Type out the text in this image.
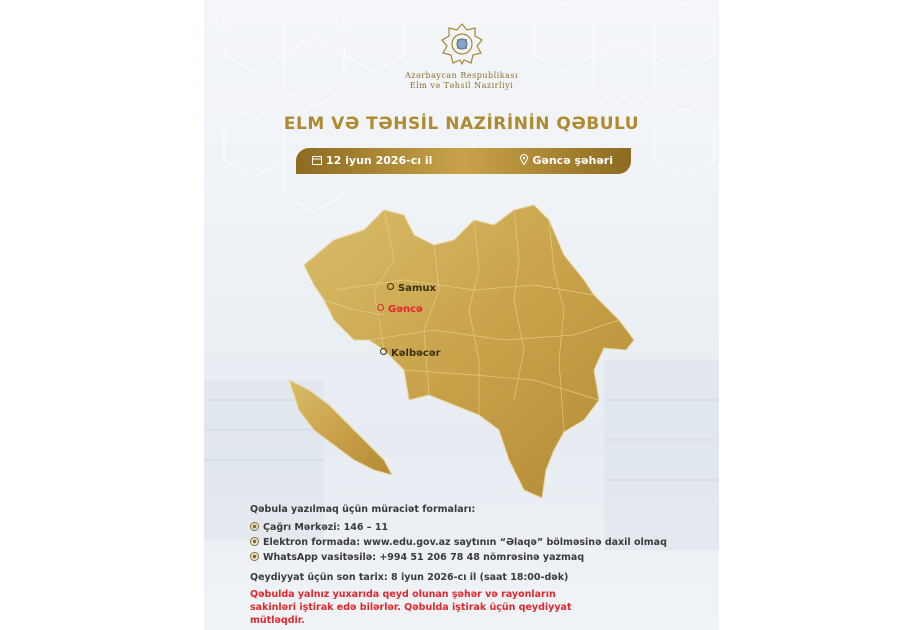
Azərbaycan Respublikası
Elm və Təhsil Nazirliyi
ELM VƏ TƏHSİL NAZİRİNİN QƏBULU
12 iyun 2026-cı il	Gəncə şəhəri
Samux
Gəncə
Kəlbəcər
Qəbula yazılmaq üçün müraciət formaları:
Çağrı Mərkəzi: 146 – 11
Elektron formada: www.edu.gov.az saytının “Əlaqə” bölməsinə daxil olmaq
WhatsApp vasitəsilə: +994 51 206 78 48 nömrəsinə yazmaq
Qeydiyyat üçün son tarix: 8 iyun 2026-cı il (saat 18:00-dək)
Qəbulda yalnız yuxarıda qeyd olunan şəhər və rayonların sakinləri iştirak edə bilərlər. Qəbulda iştirak üçün qeydiyyat mütləqdir.
